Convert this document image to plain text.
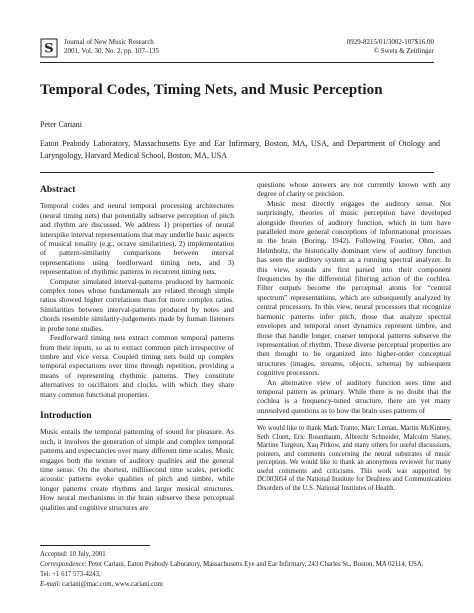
S Journal of New Music Research
2001, Vol. 30, No. 2, pp. 107–135
0929-8215/01/3002-107$16.00
© Swets & Zeitlinger
Temporal Codes, Timing Nets, and Music Perception
Peter Cariani

Eaton Peabody Laboratory, Massachusetts Eye and Ear Infirmary, Boston, MA, USA, and Department of Otology and Laryngology, Harvard Medical School, Boston, MA, USA

Abstract

Temporal codes and neural temporal processing architectures (neural timing nets) that potentially subserve perception of pitch and rhythm are discussed. We address 1) properties of neural interspike interval representations that may underlie basic aspects of musical tonality (e.g., octave similarities), 2) implementation of pattern-similarity comparisons between interval representations using feedforward timing nets, and 3) representation of rhythmic patterns in recurrent timing nets.

Computer simulated interval-patterns produced by harmonic complex tones whose fundamentals are related through simple ratios showed higher correlations than for more complex ratios. Similarities between interval-patterns produced by notes and chords resemble similarity-judgements made by human listeners in probe tone studies.

Feedforward timing nets extract common temporal patterns from their inputs, so as to extract common pitch irrespective of timbre and vice versa. Coupled timing nets build up complex temporal expectations over time through repetition, providing a means of representing rhythmic patterns. They constitute alternatives to oscillators and clocks, with which they share many common functional properties.

Introduction

Music entails the temporal patterning of sound for pleasure. As such, it involves the generation of simple and complex temporal patterns and expectancies over many different time scales. Music engages both the texture of auditory qualities and the general time sense. On the shortest, millisecond time scales, periodic acoustic patterns evoke qualities of pitch and timbre, while longer patterns create rhythms and larger musical structures. How neural mechanisms in the brain subserve these perceptual qualities and cognitive structures are

questions whose answers are not currently known with any degree of clarity or precision.

Music most directly engages the auditory sense. Not surprisingly, theories of music perception have developed alongside theories of auditory function, which in turn have paralleled more general conceptions of informational processes in the brain (Boring, 1942). Following Fourier, Ohm, and Helmholtz, the historically dominant view of auditory function has seen the auditory system as a running spectral analyzer. In this view, sounds are first parsed into their component frequencies by the differential filtering action of the cochlea. Filter outputs become the perceptual atoms for “central spectrum” representations, which are subsequently analyzed by central processors. In this view, neural processors that recognize harmonic patterns infer pitch, those that analyze spectral envelopes and temporal onset dynamics represent timbre, and those that handle longer, coarser temporal patterns subserve the representation of rhythm. These diverse perceptual properties are then thought to be organized into higher-order conceptual structures (images, streams, objects, schema) by subsequent cognitive processors.

An alternative view of auditory function sees time and temporal pattern as primary. While there is no doubt that the cochlea is a frequency-tuned structure, there are yet many unresolved questions as to how the brain uses patterns of

We would like to thank Mark Tramo, Marc Leman, Martin McKinney, Seth Cluett, Eric Rosenbaum, Albrecht Schneider, Malcolm Slaney, Martine Turgeon, Xaq Pitkow, and many others for useful discussions, pointers, and comments concerning the neural substrates of music perception. We would like to thank an anonymous reviewer for many useful comments and criticisms. This work was supported by DC003054 of the National Institute for Deafness and Communications Disorders of the U.S. National Institutes of Health.
Accepted: 10 July, 2001
Correspondence: Peter Cariani, Eaton Peabody Laboratory, Massachusetts Eye and Ear Infirmary, 243 Charles St., Boston, MA 02114, USA. Tel: +1 617 573-4243,
E-mail: cariani@mac.com, www.cariani.com
